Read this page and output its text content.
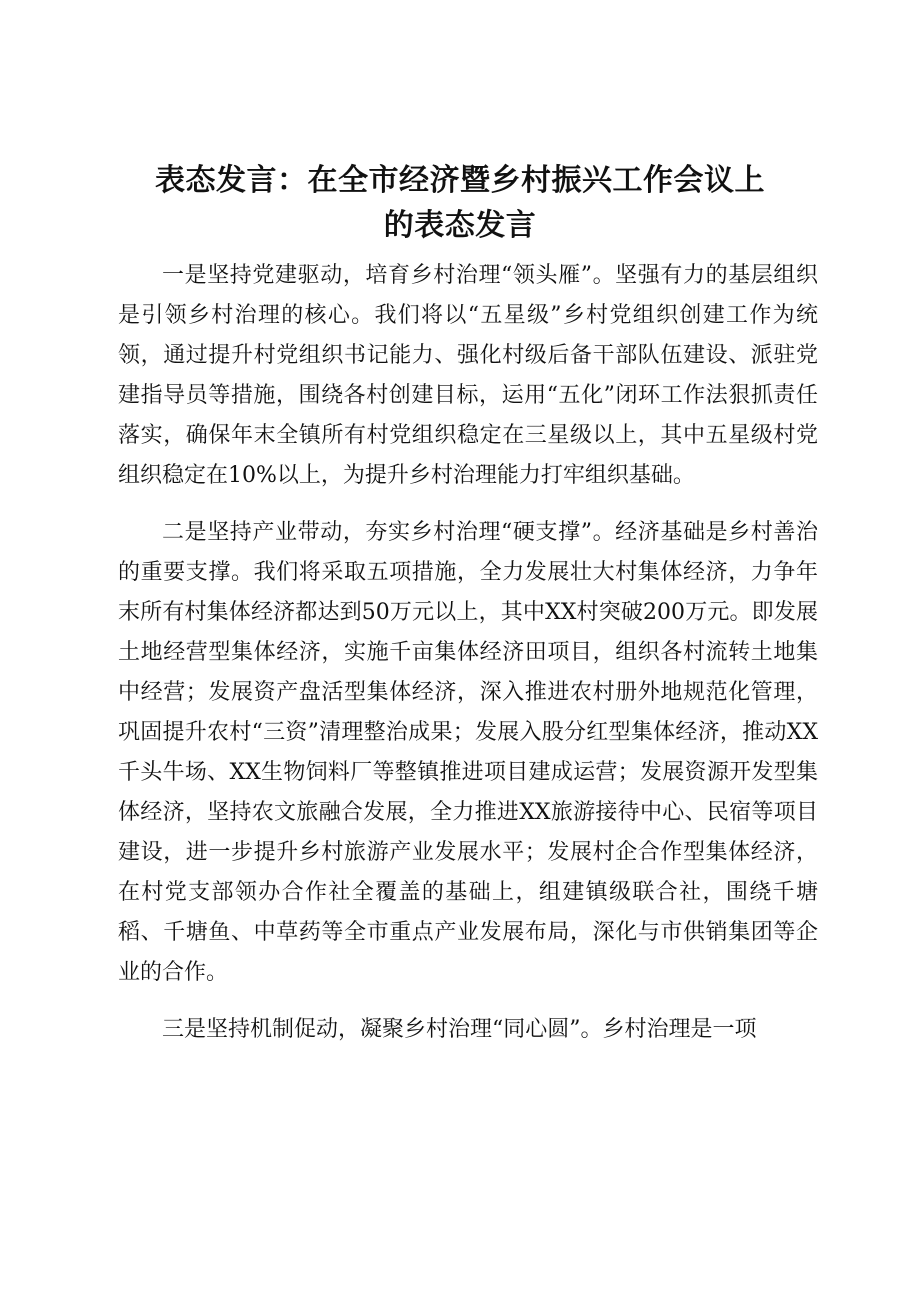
表态发言：在全市经济暨乡村振兴工作会议上
的表态发言

一是坚持党建驱动，培育乡村治理“领头雁”。坚强有力的基层组织是引领乡村治理的核心。我们将以“五星级”乡村党组织创建工作为统领，通过提升村党组织书记能力、强化村级后备干部队伍建设、派驻党建指导员等措施，围绕各村创建目标，运用“五化”闭环工作法狠抓责任落实，确保年末全镇所有村党组织稳定在三星级以上，其中五星级村党组织稳定在10%以上，为提升乡村治理能力打牢组织基础。

二是坚持产业带动，夯实乡村治理“硬支撑”。经济基础是乡村善治的重要支撑。我们将采取五项措施，全力发展壮大村集体经济，力争年末所有村集体经济都达到50万元以上，其中XX村突破200万元。即发展土地经营型集体经济，实施千亩集体经济田项目，组织各村流转土地集中经营；发展资产盘活型集体经济，深入推进农村册外地规范化管理，巩固提升农村“三资”清理整治成果；发展入股分红型集体经济，推动XX千头牛场、XX生物饲料厂等整镇推进项目建成运营；发展资源开发型集体经济，坚持农文旅融合发展，全力推进XX旅游接待中心、民宿等项目建设，进一步提升乡村旅游产业发展水平；发展村企合作型集体经济，在村党支部领办合作社全覆盖的基础上，组建镇级联合社，围绕千塘稻、千塘鱼、中草药等全市重点产业发展布局，深化与市供销集团等企业的合作。

三是坚持机制促动，凝聚乡村治理“同心圆”。乡村治理是一项
